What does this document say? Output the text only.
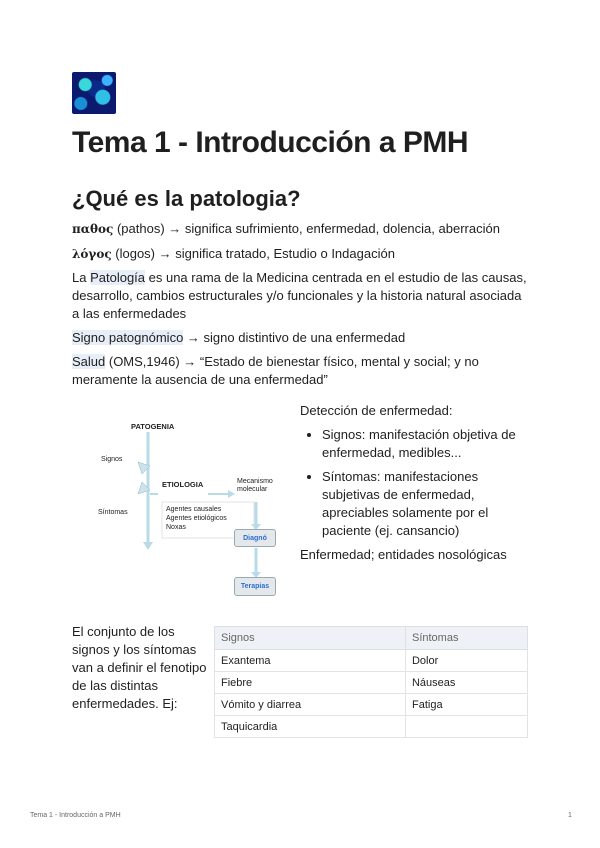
Tema 1 - Introducción a PMH
¿Qué es la patologia?

παθος (pathos) → significa sufrimiento, enfermedad, dolencia, aberración

λόγος (logos) → significa tratado, Estudio o Indagación

La Patología es una rama de la Medicina centrada en el estudio de las causas, desarrollo, cambios estructurales y/o funcionales y la historia natural asociada a las enfermedades

Signo patognómico → signo distintivo de una enfermedad

Salud (OMS,1946) → “Estado de bienestar físico, mental y social; y no meramente la ausencia de una enfermedad”

PATOGENIA
Signos
ETIOLOGIA	Mecanismo
molecular
Síntomas	Agentes causales
Agentes etiológicos
Noxas
Diagnó
Terapias
Detección de enfermedad:
• Signos: manifestación objetiva de enfermedad, medibles...
• Síntomas: manifestaciones subjetivas de enfermedad, apreciables solamente por el paciente (ej. cansancio)
Enfermedad; entidades nosológicas
El conjunto de los signos y los síntomas van a definir el fenotipo de las distintas enfermedades. Ej:
Signos	Síntomas
Exantema	Dolor
Fiebre	Náuseas
Vómito y diarrea	Fatiga
Taquicardia	
Tema 1 - Introducción a PMH	1
